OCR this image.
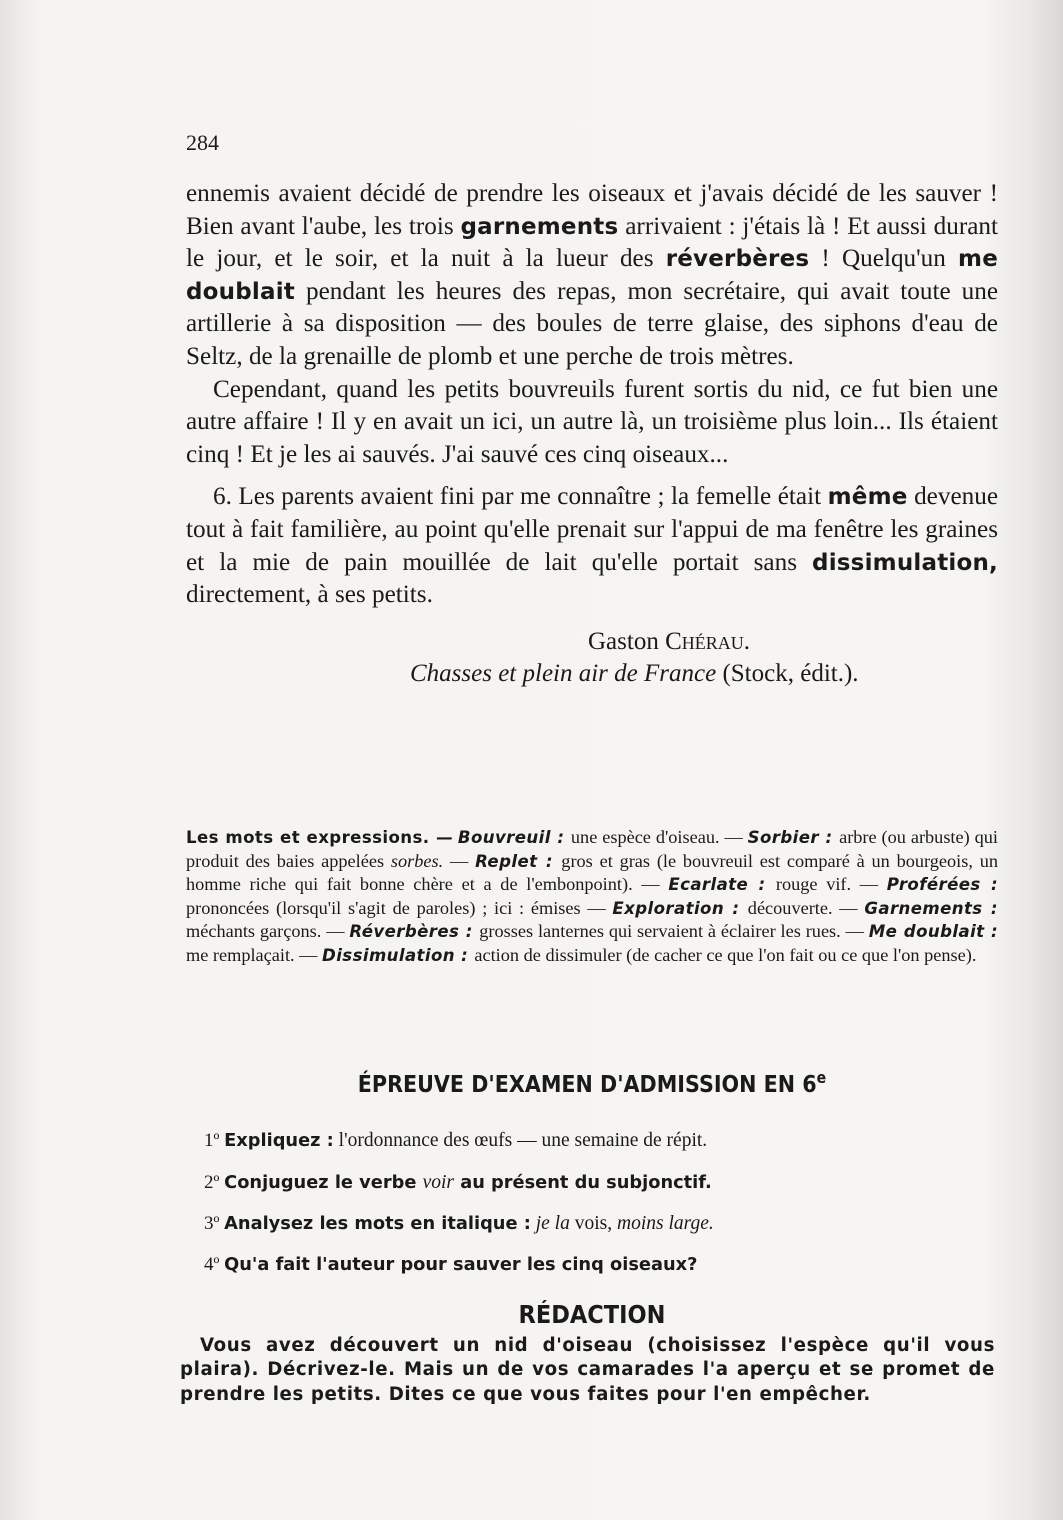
284

ennemis avaient décidé de prendre les oiseaux et j'avais décidé de les sauver ! Bien avant l'aube, les trois garnements arrivaient : j'étais là ! Et aussi durant le jour, et le soir, et la nuit à la lueur des réverbères ! Quelqu'un me doublait pendant les heures des repas, mon secrétaire, qui avait toute une artillerie à sa disposition — des boules de terre glaise, des siphons d'eau de Seltz, de la grenaille de plomb et une perche de trois mètres.

Cependant, quand les petits bouvreuils furent sortis du nid, ce fut bien une autre affaire ! Il y en avait un ici, un autre là, un troisième plus loin... Ils étaient cinq ! Et je les ai sauvés. J'ai sauvé ces cinq oiseaux...

6. Les parents avaient fini par me connaître ; la femelle était même devenue tout à fait familière, au point qu'elle prenait sur l'appui de ma fenêtre les graines et la mie de pain mouillée de lait qu'elle portait sans dissimulation, directement, à ses petits.

Gaston Chérau.
Chasses et plein air de France (Stock, édit.).
Les mots et expressions. — Bouvreuil : une espèce d'oiseau. — Sorbier : arbre (ou arbuste) qui produit des baies appelées sorbes. — Replet : gros et gras (le bouvreuil est comparé à un bourgeois, un homme riche qui fait bonne chère et a de l'embonpoint). — Ecarlate : rouge vif. — Proférées : prononcées (lorsqu'il s'agit de paroles) ; ici : émises — Exploration : découverte. — Garnements : méchants garçons. — Réverbères : grosses lanternes qui servaient à éclairer les rues. — Me doublait : me remplaçait. — Dissimulation : action de dissimuler (de cacher ce que l'on fait ou ce que l'on pense).
ÉPREUVE D'EXAMEN D'ADMISSION EN 6e
1º Expliquez : l'ordonnance des œufs — une semaine de répit.
2º Conjuguez le verbe voir au présent du subjonctif.
3º Analysez les mots en italique : je la vois, moins large.
4º Qu'a fait l'auteur pour sauver les cinq oiseaux?
RÉDACTION

Vous avez découvert un nid d'oiseau (choisissez l'espèce qu'il vous plaira). Décrivez-le. Mais un de vos camarades l'a aperçu et se promet de prendre les petits. Dites ce que vous faites pour l'en empêcher.
